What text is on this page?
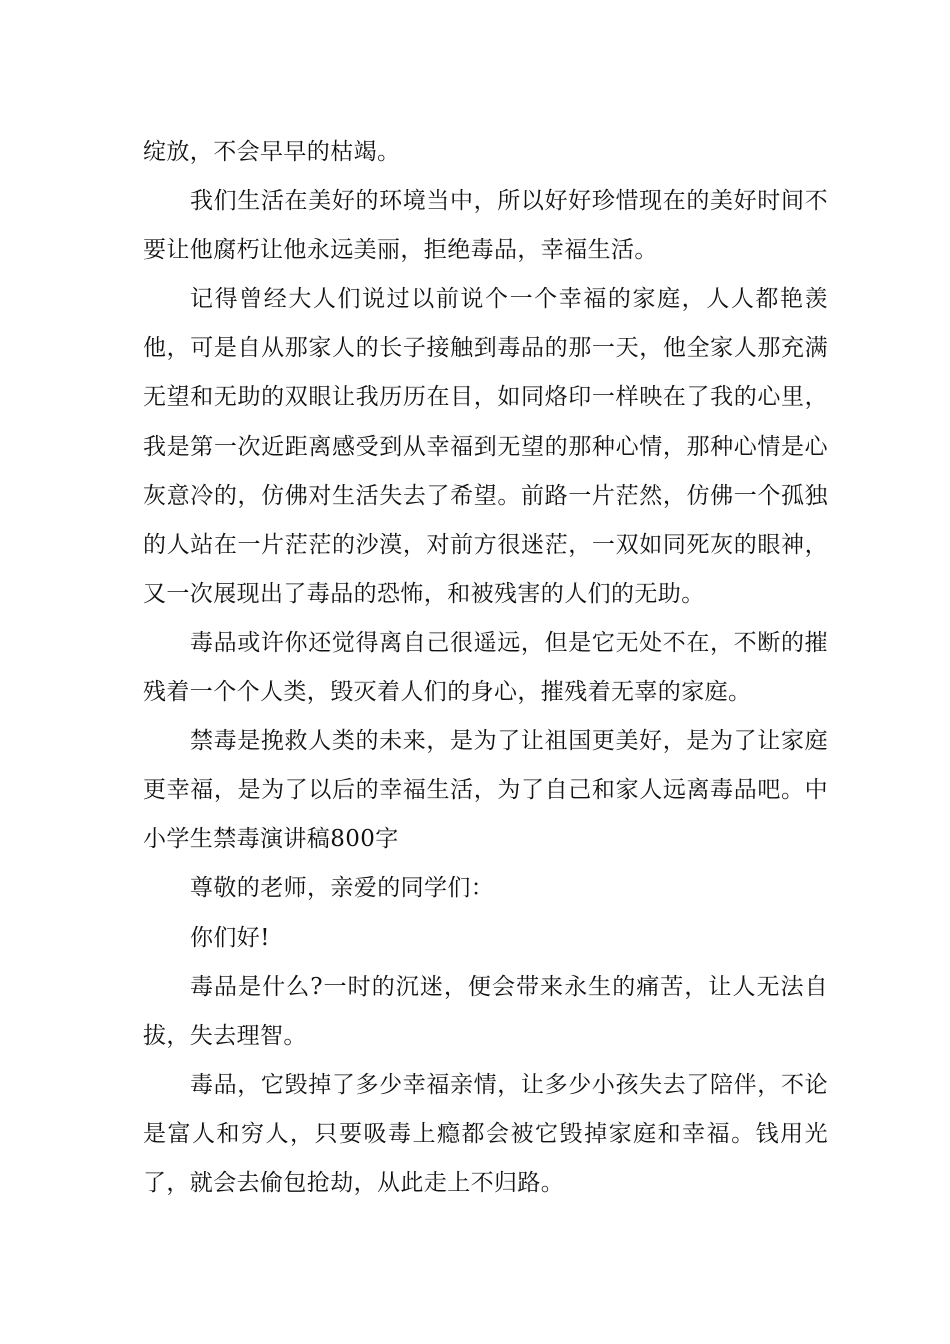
绽放，不会早早的枯竭。

我们生活在美好的环境当中，所以好好珍惜现在的美好时间不要让他腐朽让他永远美丽，拒绝毒品，幸福生活。

记得曾经大人们说过以前说个一个幸福的家庭，人人都艳羡他，可是自从那家人的长子接触到毒品的那一天，他全家人那充满无望和无助的双眼让我历历在目，如同烙印一样映在了我的心里，我是第一次近距离感受到从幸福到无望的那种心情，那种心情是心灰意冷的，仿佛对生活失去了希望。前路一片茫然，仿佛一个孤独的人站在一片茫茫的沙漠，对前方很迷茫，一双如同死灰的眼神，又一次展现出了毒品的恐怖，和被残害的人们的无助。

毒品或许你还觉得离自己很遥远，但是它无处不在，不断的摧残着一个个人类，毁灭着人们的身心，摧残着无辜的家庭。

禁毒是挽救人类的未来，是为了让祖国更美好，是为了让家庭更幸福，是为了以后的幸福生活，为了自己和家人远离毒品吧。中小学生禁毒演讲稿800字

尊敬的老师，亲爱的同学们：

你们好!

毒品是什么?一时的沉迷，便会带来永生的痛苦，让人无法自拔，失去理智。

毒品，它毁掉了多少幸福亲情，让多少小孩失去了陪伴，不论是富人和穷人，只要吸毒上瘾都会被它毁掉家庭和幸福。钱用光了，就会去偷包抢劫，从此走上不归路。
